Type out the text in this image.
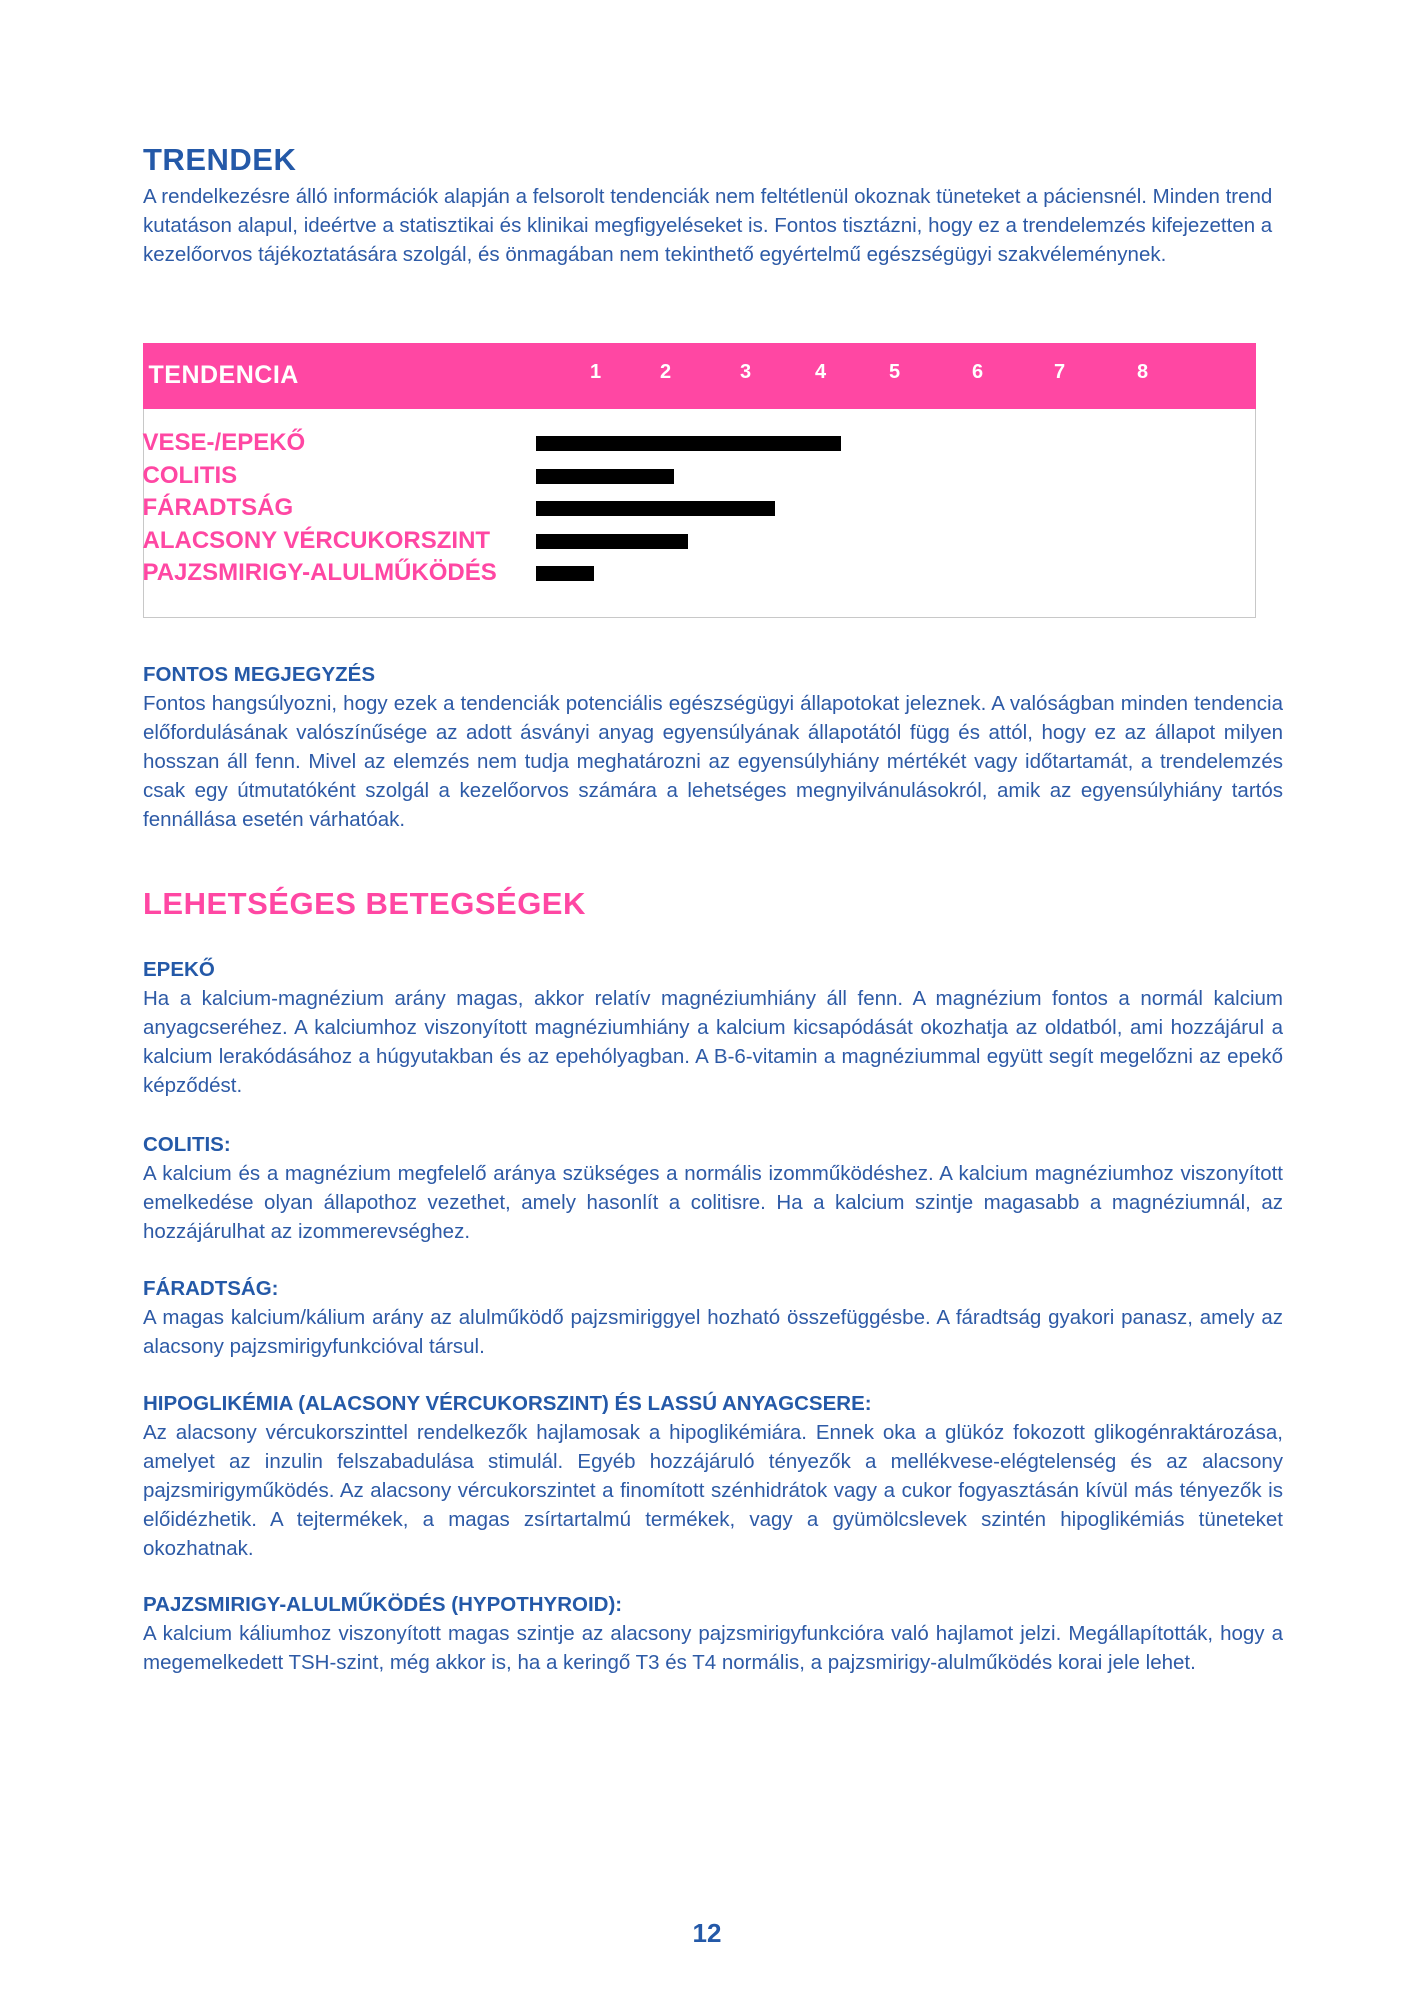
TRENDEK

A rendelkezésre álló információk alapján a felsorolt tendenciák nem feltétlenül okoznak tüneteket a páciensnél. Minden trend kutatáson alapul, ideértve a statisztikai és klinikai megfigyeléseket is. Fontos tisztázni, hogy ez a trendelemzés kifejezetten a kezelőorvos tájékoztatására szolgál, és önmagában nem tekinthető egyértelmű egészségügyi szakvéleménynek.

TENDENCIA	1	2	3	4	5	6	7	8
VESE-/EPEKŐ
COLITIS
FÁRADTSÁG
ALACSONY VÉRCUKORSZINT
PAJZSMIRIGY-ALULMŰKÖDÉS
FONTOS MEGJEGYZÉS

Fontos hangsúlyozni, hogy ezek a tendenciák potenciális egészségügyi állapotokat jeleznek. A valóságban minden tendencia előfordulásának valószínűsége az adott ásványi anyag egyensúlyának állapotától függ és attól, hogy ez az állapot milyen hosszan áll fenn. Mivel az elemzés nem tudja meghatározni az egyensúlyhiány mértékét vagy időtartamát, a trendelemzés csak egy útmutatóként szolgál a kezelőorvos számára a lehetséges megnyilvánulásokról, amik az egyensúlyhiány tartós fennállása esetén várhatóak.

LEHETSÉGES BETEGSÉGEK
EPEKŐ

Ha a kalcium-magnézium arány magas, akkor relatív magnéziumhiány áll fenn. A magnézium fontos a normál kalcium anyagcseréhez. A kalciumhoz viszonyított magnéziumhiány a kalcium kicsapódását okozhatja az oldatból, ami hozzájárul a kalcium lerakódásához a húgyutakban és az epehólyagban. A B-6-vitamin a magnéziummal együtt segít megelőzni az epekő képződést.

COLITIS:

A kalcium és a magnézium megfelelő aránya szükséges a normális izomműködéshez. A kalcium magnéziumhoz viszonyított emelkedése olyan állapothoz vezethet, amely hasonlít a colitisre. Ha a kalcium szintje magasabb a magnéziumnál, az hozzájárulhat az izommerevséghez.

FÁRADTSÁG:

A magas kalcium/kálium arány az alulműködő pajzsmiriggyel hozható összefüggésbe. A fáradtság gyakori panasz, amely az alacsony pajzsmirigyfunkcióval társul.

HIPOGLIKÉMIA (ALACSONY VÉRCUKORSZINT) ÉS LASSÚ ANYAGCSERE:

Az alacsony vércukorszinttel rendelkezők hajlamosak a hipoglikémiára. Ennek oka a glükóz fokozott glikogénraktározása, amelyet az inzulin felszabadulása stimulál. Egyéb hozzájáruló tényezők a mellékvese-elégtelenség és az alacsony pajzsmirigyműködés. Az alacsony vércukorszintet a finomított szénhidrátok vagy a cukor fogyasztásán kívül más tényezők is előidézhetik. A tejtermékek, a magas zsírtartalmú termékek, vagy a gyümölcslevek szintén hipoglikémiás tüneteket okozhatnak.

PAJZSMIRIGY-ALULMŰKÖDÉS (HYPOTHYROID):

A kalcium káliumhoz viszonyított magas szintje az alacsony pajzsmirigyfunkcióra való hajlamot jelzi. Megállapították, hogy a megemelkedett TSH-szint, még akkor is, ha a keringő T3 és T4 normális, a pajzsmirigy-alulműködés korai jele lehet.

12
